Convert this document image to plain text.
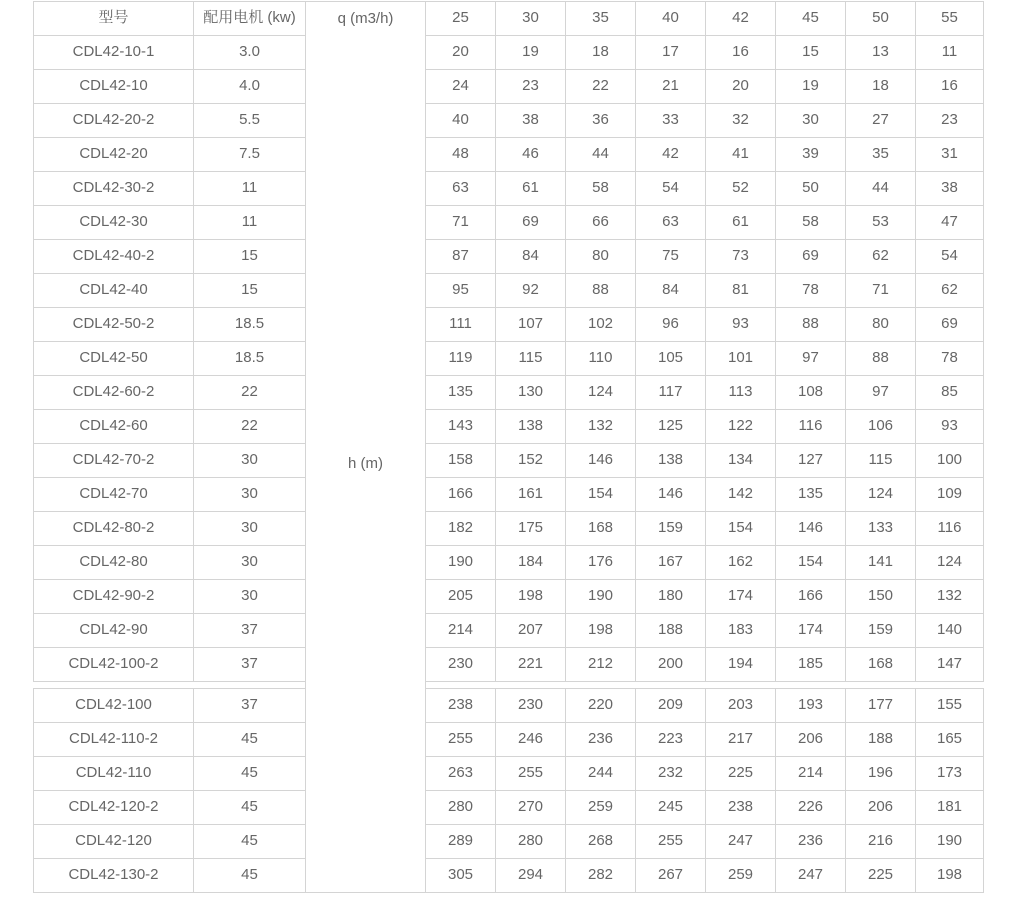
型号	配用电机 (kw)	q (m3/h)	25	30	35	40	42	45	50	55
CDL42-10-1	3.0	h (m)	20	19	18	17	16	15	13	11
CDL42-10	4.0		24	23	22	21	20	19	18	16
CDL42-20-2	5.5		40	38	36	33	32	30	27	23
CDL42-20	7.5		48	46	44	42	41	39	35	31
CDL42-30-2	11		63	61	58	54	52	50	44	38
CDL42-30	11		71	69	66	63	61	58	53	47
CDL42-40-2	15		87	84	80	75	73	69	62	54
CDL42-40	15		95	92	88	84	81	78	71	62
CDL42-50-2	18.5		111	107	102	96	93	88	80	69
CDL42-50	18.5		119	115	110	105	101	97	88	78
CDL42-60-2	22		135	130	124	117	113	108	97	85
CDL42-60	22		143	138	132	125	122	116	106	93
CDL42-70-2	30		158	152	146	138	134	127	115	100
CDL42-70	30		166	161	154	146	142	135	124	109
CDL42-80-2	30		182	175	168	159	154	146	133	116
CDL42-80	30		190	184	176	167	162	154	141	124
CDL42-90-2	30		205	198	190	180	174	166	150	132
CDL42-90	37		214	207	198	188	183	174	159	140
CDL42-100-2	37		230	221	212	200	194	185	168	147

CDL42-100	37		238	230	220	209	203	193	177	155
CDL42-110-2	45		255	246	236	223	217	206	188	165
CDL42-110	45		263	255	244	232	225	214	196	173
CDL42-120-2	45		280	270	259	245	238	226	206	181
CDL42-120	45		289	280	268	255	247	236	216	190
CDL42-130-2	45		305	294	282	267	259	247	225	198
